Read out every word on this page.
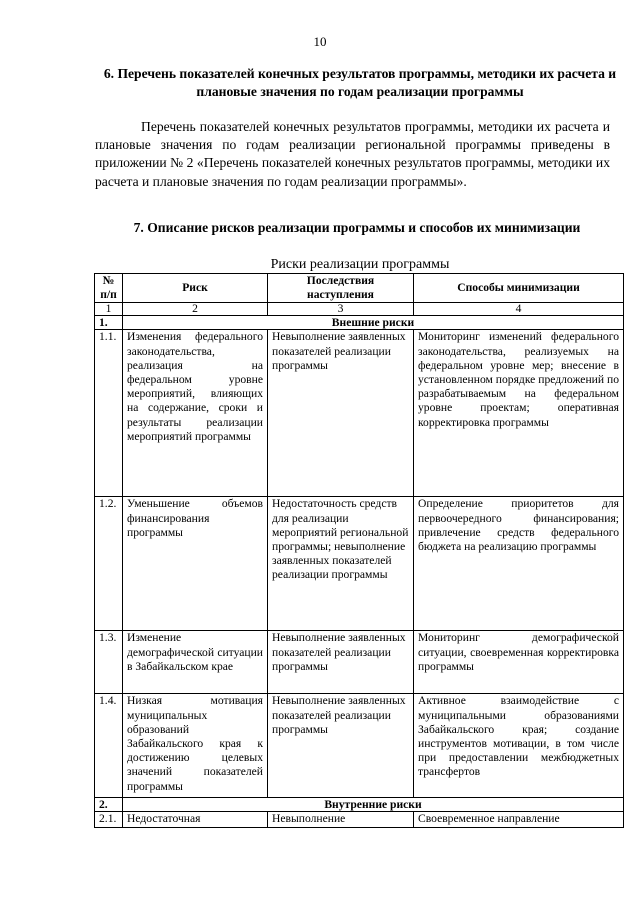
10
6. Перечень показателей конечных результатов программы, методики их расчета и плановые значения по годам реализации программы
Перечень показателей конечных результатов программы, методики их расчета и плановые значения по годам реализации региональной программы приведены в приложении № 2 «Перечень показателей конечных результатов программы, методики их расчета и плановые значения по годам реализации программы».
7. Описание рисков реализации программы и способов их минимизации
Риски реализации программы
№ п/п	Риск	Последствия наступления	Способы минимизации
1	2	3	4
1.	Внешние риски		
1.1.	Изменения федерального законодательства, реализация на федеральном уровне мероприятий, влияющих на содержание, сроки и результаты реализации мероприятий программы	Невыполнение заявленных показателей реализации программы	Мониторинг изменений федерального законодательства, реализуемых на федеральном уровне мер; внесение в установленном порядке предложений по разрабатываемым на федеральном уровне проектам; оперативная корректировка программы
1.2.	Уменьшение объемов финансирования программы	Недостаточность средств для реализации мероприятий региональной программы; невыполнение заявленных показателей реализации программы	Определение приоритетов для первоочередного финансирования; привлечение средств федерального бюджета на реализацию программы
1.3.	Изменение демографической ситуации в Забайкальском крае	Невыполнение заявленных показателей реализации программы	Мониторинг демографической ситуации, своевременная корректировка программы
1.4.	Низкая мотивация муниципальных образований Забайкальского края к достижению целевых значений показателей программы	Невыполнение заявленных показателей реализации программы	Активное взаимодействие с муниципальными образованиями Забайкальского края; создание инструментов мотивации, в том числе при предоставлении межбюджетных трансфертов
2.	Внутренние риски		
2.1.	Недостаточная	Невыполнение	Своевременное направление
